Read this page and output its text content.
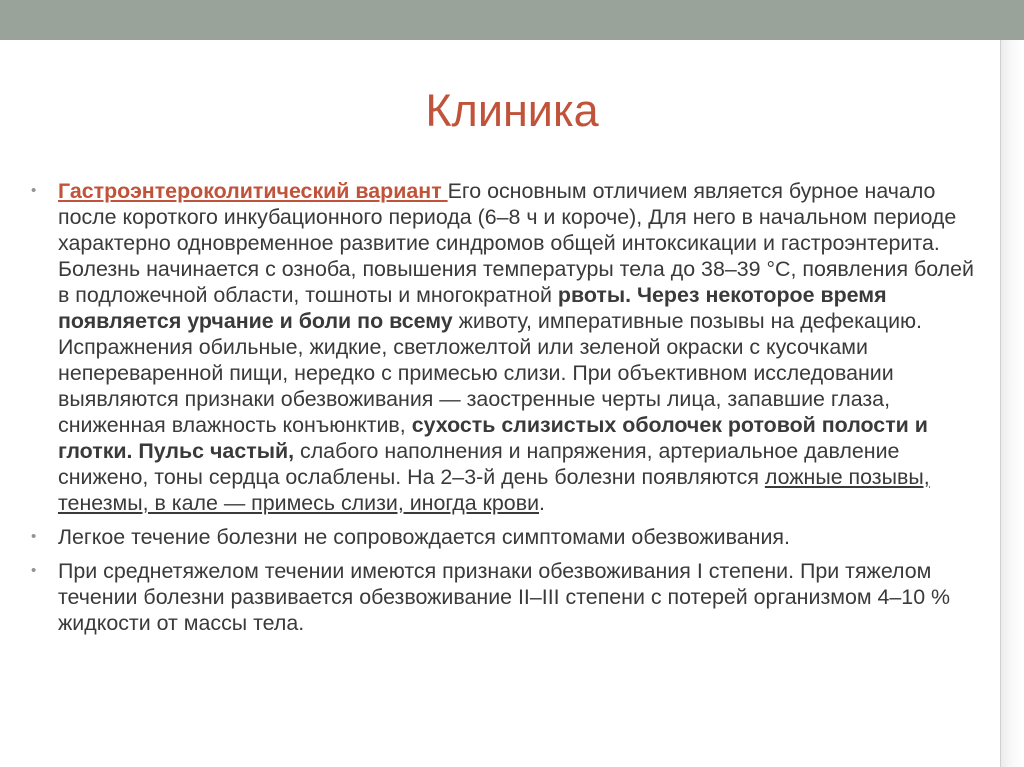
Клиника
• Гастроэнтероколитический вариант Его основным отличием является бурное начало после короткого инкубационного периода (6–8 ч и короче), Для него в начальном периоде характерно одновременное развитие синдромов общей интоксикации и гастроэнтерита. Болезнь начинается с озноба, повышения температуры тела до 38–39 °С, появления болей в подложечной области, тошноты и многократной рвоты. Через некоторое время появляется урчание и боли по всему животу, императивные позывы на дефекацию. Испражнения обильные, жидкие, светложелтой или зеленой окраски с кусочками непереваренной пищи, нередко с примесью слизи. При объективном исследовании выявляются признаки обезвоживания — заостренные черты лица, запавшие глаза, сниженная влажность конъюнктив, сухость слизистых оболочек ротовой полости и глотки. Пульс частый, слабого наполнения и напряжения, артериальное давление снижено, тоны сердца ослаблены. На 2–3-й день болезни появляются ложные позывы, тенезмы, в кале — примесь слизи, иногда крови.
• Легкое течение болезни не сопровождается симптомами обезвоживания.
• При среднетяжелом течении имеются признаки обезвоживания I степени. При тяжелом течении болезни развивается обезвоживание II–III степени с потерей организмом 4–10 % жидкости от массы тела.
